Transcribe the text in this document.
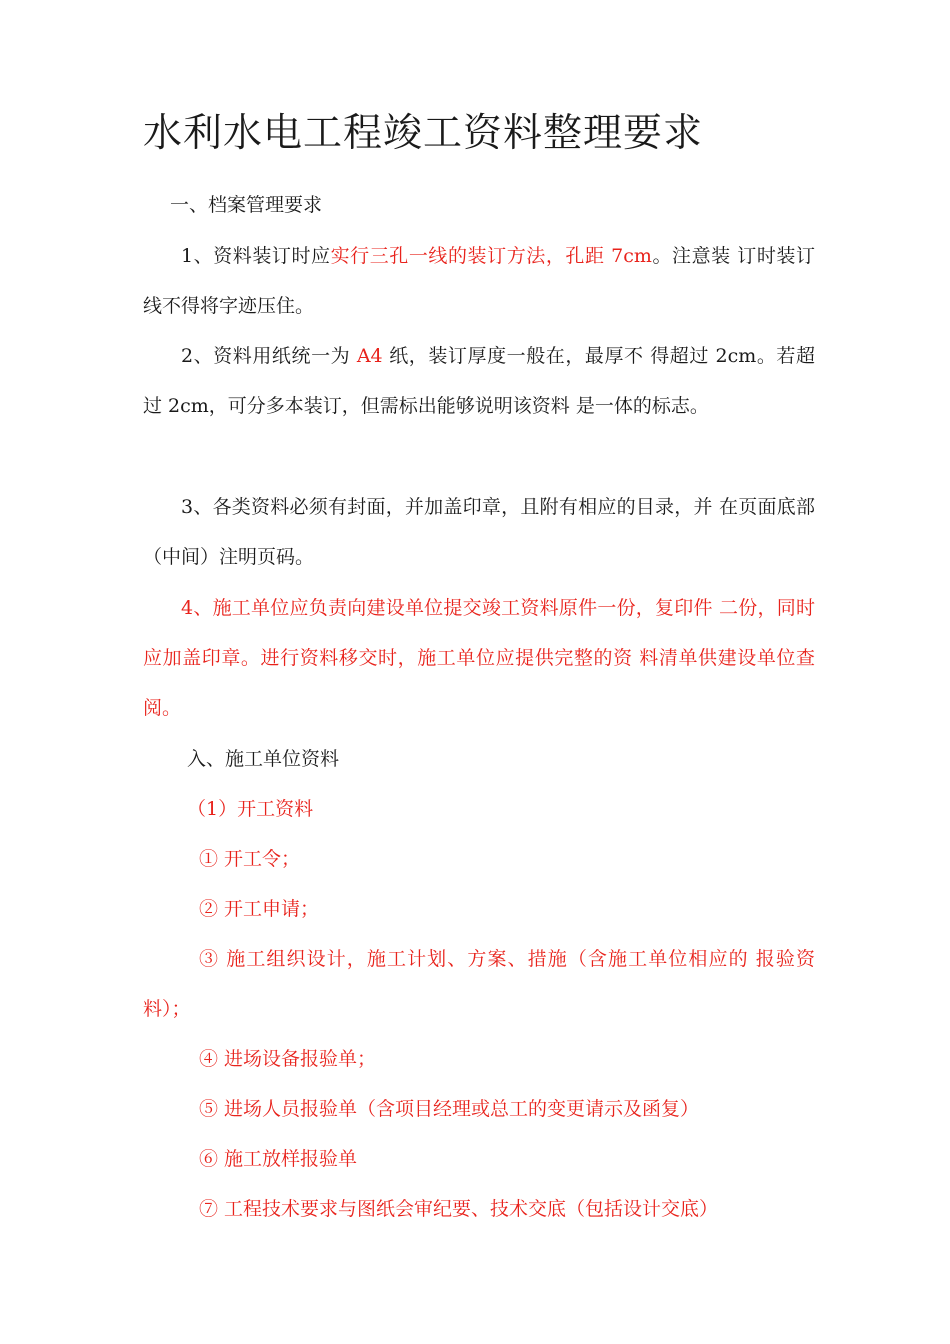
水利水电工程竣工资料整理要求

一、档案管理要求

1、资料装订时应实行三孔一线的装订方法，孔距 7cm。注意装 订时装订线不得将字迹压住。

2、资料用纸统一为 A4 纸，装订厚度一般在，最厚不 得超过 2cm。若超过 2cm，可分多本装订，但需标出能够说明该资料 是一体的标志。

3、各类资料必须有封面，并加盖印章，且附有相应的目录，并 在页面底部（中间）注明页码。

4、施工单位应负责向建设单位提交竣工资料原件一份，复印件 二份，同时应加盖印章。进行资料移交时，施工单位应提供完整的资 料清单供建设单位查阅。

入、施工单位资料

（1）开工资料

① 开工令；

② 开工申请；

③ 施工组织设计，施工计划、方案、措施（含施工单位相应的 报验资料）；

④ 进场设备报验单；

⑤ 进场人员报验单（含项目经理或总工的变更请示及函复）

⑥ 施工放样报验单

⑦ 工程技术要求与图纸会审纪要、技术交底（包括设计交底）
